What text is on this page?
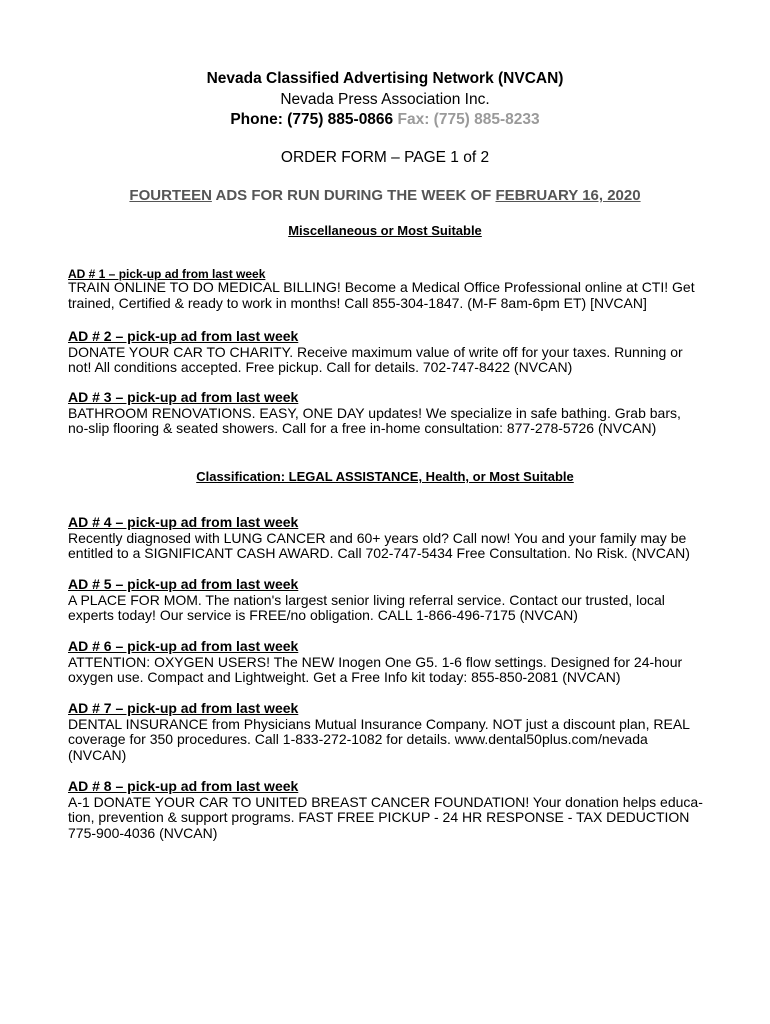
Nevada Classified Advertising Network (NVCAN)
Nevada Press Association Inc.
Phone: (775) 885-0866 Fax: (775) 885-8233
ORDER FORM – PAGE 1 of 2
FOURTEEN ADS FOR RUN DURING THE WEEK OF FEBRUARY 16, 2020
Miscellaneous or Most Suitable
AD # 1 – pick-up ad from last week
TRAIN ONLINE TO DO MEDICAL BILLING! Become a Medical Office Professional online at CTI! Get
trained, Certified & ready to work in months! Call 855-304-1847. (M-F 8am-6pm ET) [NVCAN]
AD # 2 – pick-up ad from last week
DONATE YOUR CAR TO CHARITY. Receive maximum value of write off for your taxes. Running or
not! All conditions accepted. Free pickup. Call for details. 702-747-8422 (NVCAN)
AD # 3 – pick-up ad from last week
BATHROOM RENOVATIONS. EASY, ONE DAY updates! We specialize in safe bathing. Grab bars,
no-slip flooring & seated showers. Call for a free in-home consultation: 877-278-5726 (NVCAN)
Classification: LEGAL ASSISTANCE, Health, or Most Suitable
AD # 4 – pick-up ad from last week
Recently diagnosed with LUNG CANCER and 60+ years old? Call now! You and your family may be
entitled to a SIGNIFICANT CASH AWARD. Call 702-747-5434 Free Consultation. No Risk. (NVCAN)
AD # 5 – pick-up ad from last week
A PLACE FOR MOM. The nation's largest senior living referral service. Contact our trusted, local
experts today! Our service is FREE/no obligation. CALL 1-866-496-7175 (NVCAN)
AD # 6 – pick-up ad from last week
ATTENTION: OXYGEN USERS! The NEW Inogen One G5. 1-6 flow settings. Designed for 24-hour
oxygen use. Compact and Lightweight. Get a Free Info kit today: 855-850-2081 (NVCAN)
AD # 7 – pick-up ad from last week
DENTAL INSURANCE from Physicians Mutual Insurance Company. NOT just a discount plan, REAL
coverage for 350 procedures. Call 1-833-272-1082 for details. www.dental50plus.com/nevada
(NVCAN)
AD # 8 – pick-up ad from last week
A-1 DONATE YOUR CAR TO UNITED BREAST CANCER FOUNDATION! Your donation helps educa-
tion, prevention & support programs. FAST FREE PICKUP - 24 HR RESPONSE - TAX DEDUCTION
775-900-4036 (NVCAN)
